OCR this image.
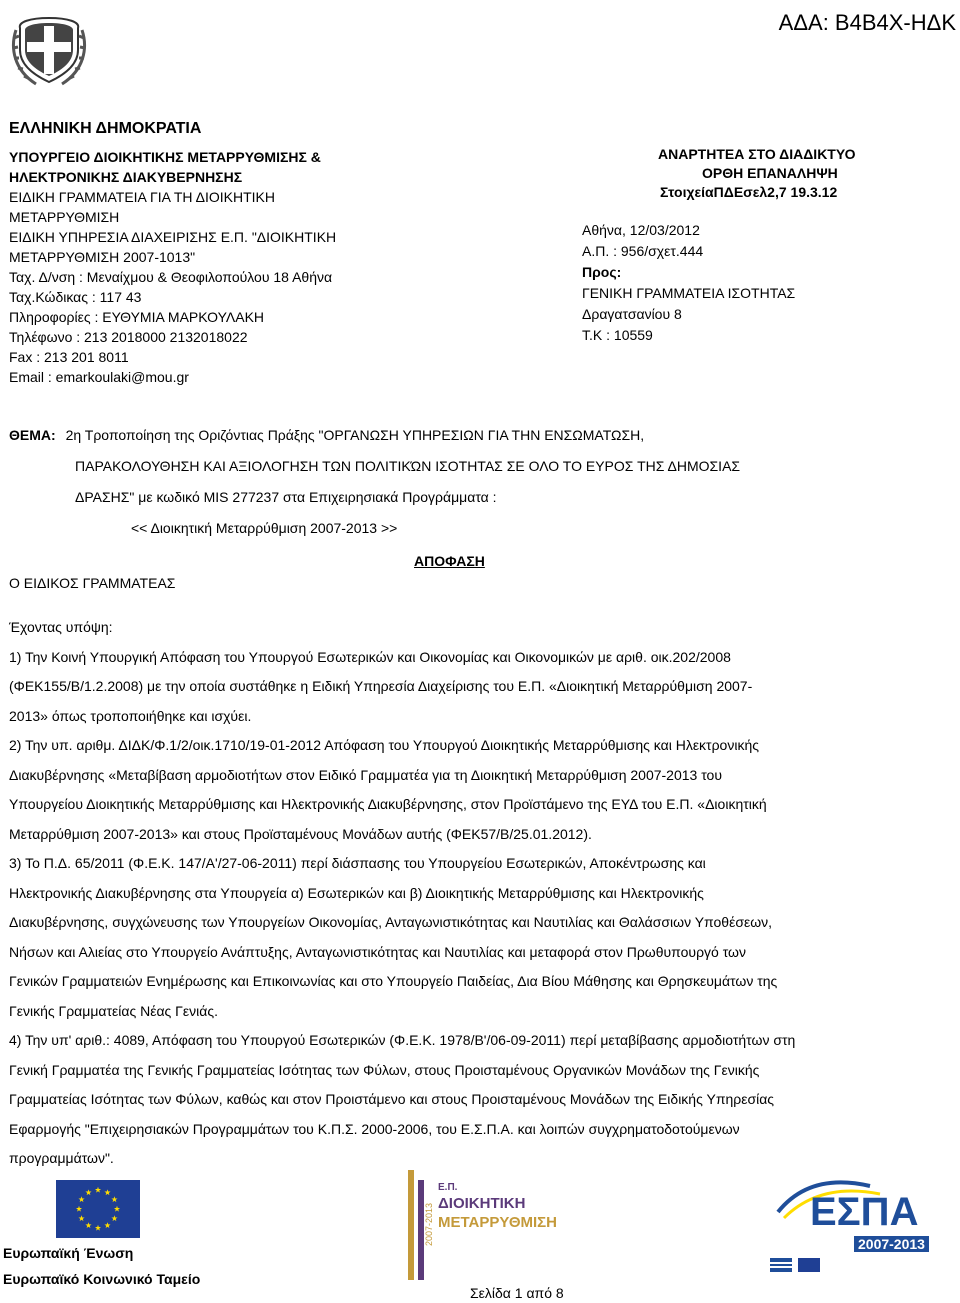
ΑΔΑ: Β4Β4Χ-ΗΔΚ
ΕΛΛΗΝΙΚΗ ΔΗΜΟΚΡΑΤΙΑ
ΥΠΟΥΡΓΕΙΟ ΔΙΟΙΚΗΤΙΚΗΣ ΜΕΤΑΡΡΥΘΜΙΣΗΣ &
ΗΛΕΚΤΡΟΝΙΚΗΣ ΔΙΑΚΥΒΕΡΝΗΣΗΣ
ΕΙΔΙΚΗ ΓΡΑΜΜΑΤΕΙΑ ΓΙΑ ΤΗ ΔΙΟΙΚΗΤΙΚΗ
ΜΕΤΑΡΡΥΘΜΙΣΗ
ΕΙΔΙΚΗ ΥΠΗΡΕΣΙΑ ΔΙΑΧΕΙΡΙΣΗΣ Ε.Π. "ΔΙΟΙΚΗΤΙΚΗ
ΜΕΤΑΡΡΥΘΜΙΣΗ 2007-1013"
Ταχ. Δ/νση : Μεναίχμου & Θεοφιλοπούλου 18 Αθήνα
Ταχ.Κώδικας : 117 43
Πληροφορίες : ΕΥΘΥΜΙΑ ΜΑΡΚΟΥΛΑΚΗ
Τηλέφωνο : 213 2018000 2132018022
Fax : 213 201 8011
Email : emarkoulaki@mou.gr
ΑΝΑΡΤΗΤΕΑ ΣΤΟ ΔΙΑΔΙΚΤΥΟ
ΟΡΘΗ ΕΠΑΝΑΛΗΨΗ
ΣτοιχείαΠΔΕσελ2,7 19.3.12
Αθήνα, 12/03/2012
Α.Π. : 956/σχετ.444
Προς:
ΓΕΝΙΚΗ ΓΡΑΜΜΑΤΕΙΑ ΙΣΟΤΗΤΑΣ
Δραγατσανίου 8
Τ.Κ : 10559
ΘΕΜΑ: 2η Τροποποίηση της Οριζόντιας Πράξης "ΟΡΓΑΝΩΣΗ ΥΠΗΡΕΣΙΩΝ ΓΙΑ ΤΗΝ ΕΝΣΩΜΑΤΩΣΗ,
ΠΑΡΑΚΟΛΟΥΘΗΣΗ ΚΑΙ ΑΞΙΟΛΟΓΗΣΗ ΤΩΝ ΠΟΛΙΤΙΚΏΝ ΙΣΟΤΗΤΑΣ ΣΕ ΟΛΟ ΤΟ ΕΥΡΟΣ ΤΗΣ ΔΗΜΟΣΙΑΣ
ΔΡΑΣΗΣ" με κωδικό MIS 277237 στα Επιχειρησιακά Προγράμματα :
<< Διοικητική Μεταρρύθμιση 2007-2013 >>
ΑΠΟΦΑΣΗ
Ο ΕΙΔΙΚΟΣ ΓΡΑΜΜΑΤΕΑΣ
Έχοντας υπόψη:
1) Την Κοινή Υπουργική Απόφαση του Υπουργού Εσωτερικών και Οικονομίας και Οικονομικών με αριθ. οικ.202/2008
(ΦΕΚ155/Β/1.2.2008) με την οποία συστάθηκε η Ειδική Υπηρεσία Διαχείρισης του Ε.Π. «Διοικητική Μεταρρύθμιση 2007-
2013» όπως τροποποιήθηκε και ισχύει.
2) Την υπ. αριθμ. ΔΙΔΚ/Φ.1/2/οικ.1710/19-01-2012 Απόφαση του Υπουργού Διοικητικής Μεταρρύθμισης και Ηλεκτρονικής
Διακυβέρνησης «Μεταβίβαση αρμοδιοτήτων στον Ειδικό Γραμματέα για τη Διοικητική Μεταρρύθμιση 2007-2013 του
Υπουργείου Διοικητικής Μεταρρύθμισης και Ηλεκτρονικής Διακυβέρνησης, στον Προϊστάμενο της ΕΥΔ του Ε.Π. «Διοικητική
Μεταρρύθμιση 2007-2013» και στους Προϊσταμένους Μονάδων αυτής (ΦΕΚ57/Β/25.01.2012).
3) Το Π.Δ. 65/2011 (Φ.Ε.Κ. 147/Α'/27-06-2011) περί διάσπασης του Υπουργείου Εσωτερικών, Αποκέντρωσης και
Ηλεκτρονικής Διακυβέρνησης στα Υπουργεία α) Εσωτερικών και β) Διοικητικής Μεταρρύθμισης και Ηλεκτρονικής
Διακυβέρνησης, συγχώνευσης των Υπουργείων Οικονομίας, Ανταγωνιστικότητας και Ναυτιλίας και Θαλάσσιων Υποθέσεων,
Νήσων και Αλιείας στο Υπουργείο Ανάπτυξης, Ανταγωνιστικότητας και Ναυτιλίας και μεταφορά στον Πρωθυπουργό των
Γενικών Γραμματειών Ενημέρωσης και Επικοινωνίας και στο Υπουργείο Παιδείας, Δια Βίου Μάθησης και Θρησκευμάτων της
Γενικής Γραμματείας Νέας Γενιάς.
4) Την υπ' αριθ.: 4089, Απόφαση του Υπουργού Εσωτερικών (Φ.Ε.Κ. 1978/Β'/06-09-2011) περί μεταβίβασης αρμοδιοτήτων στη
Γενική Γραμματέα της Γενικής Γραμματείας Ισότητας των Φύλων, στους Προισταμένους Οργανικών Μονάδων της Γενικής
Γραμματείας Ισότητας των Φύλων, καθώς και στον Προιστάμενο και στους Προισταμένους Μονάδων της Ειδικής Υπηρεσίας
Εφαρμογής "Επιχειρησιακών Προγραμμάτων του Κ.Π.Σ. 2000-2006, του Ε.Σ.Π.Α. και λοιπών συγχρηματοδοτούμενων
προγραμμάτων".
Ευρωπαϊκή Ένωση
Ευρωπαϊκό Κοινωνικό Ταμείο
Ε.Π.
ΔΙΟΙΚΗΤΙΚΗ
ΜΕΤΑΡΡΥΘΜΙΣΗ
2007-2013	ΕΣΠΑ
2007-2013
Σελίδα 1 από 8
